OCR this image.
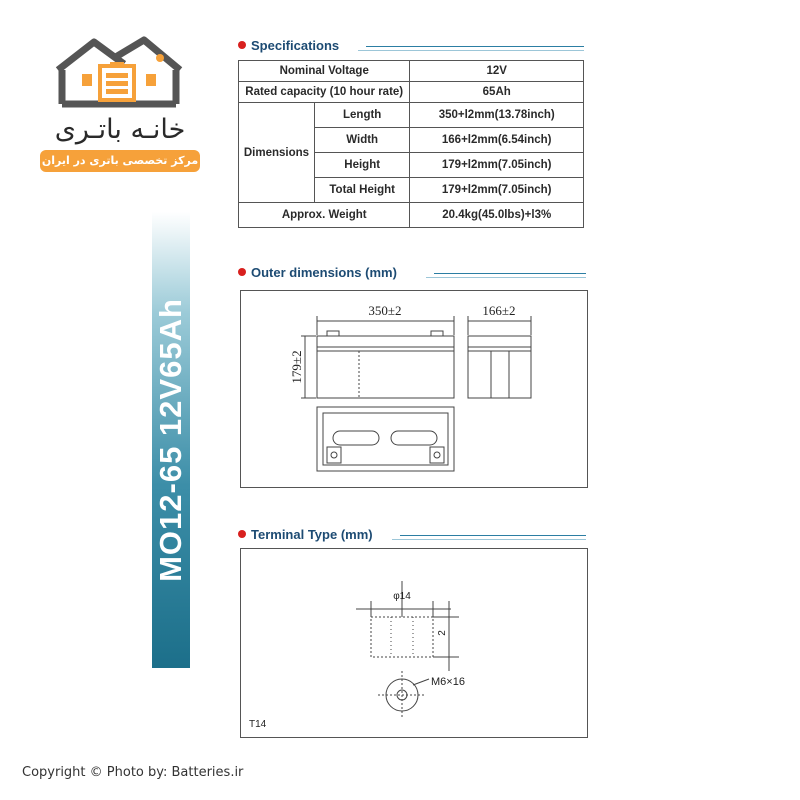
خانـه باتـری
مرکز تخصصی باتری در ایران
MO12-65 12V65Ah
Specifications
Nominal Voltage		12V
Rated capacity (10 hour rate)		65Ah
Dimensions	Length	350+l2mm(13.78inch)
	Width	166+l2mm(6.54inch)
	Height	179+l2mm(7.05inch)
	Total Height	179+l2mm(7.05inch)
Approx. Weight		20.4kg(45.0lbs)+l3%
Outer dimensions (mm)
350±2	166±2
179±2
Terminal Type (mm)
φ14
2
M6×16
T14
Copyright © Photo by: Batteries.ir
